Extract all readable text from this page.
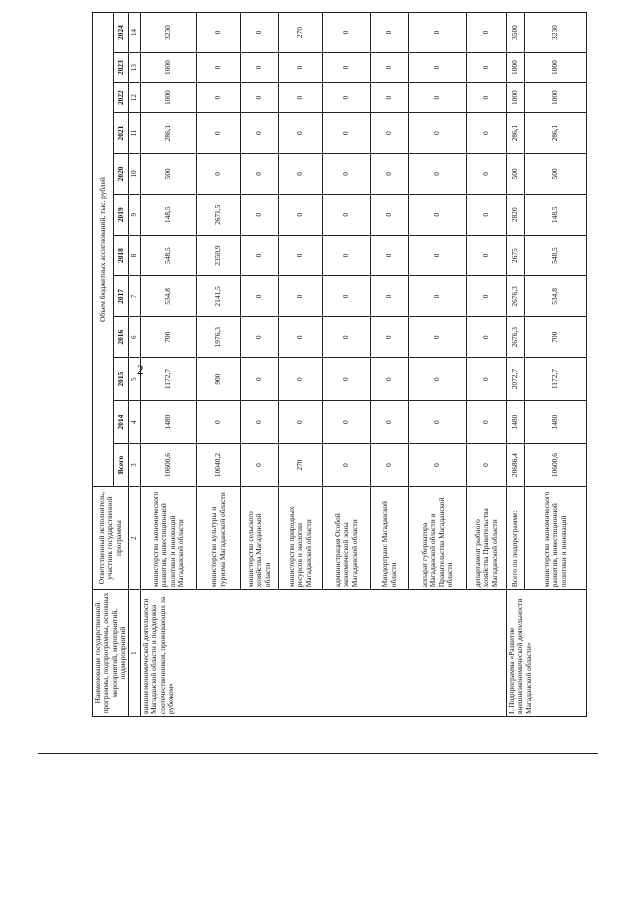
2
Наименование государственной программы, подпрограммы, основных мероприятий, мероприятий, подмероприятий	Ответственный исполнитель, участник государственной программы	Объем бюджетных ассигнований, тыс. рублей											
		Всего	2014	2015	2016	2017	2018	2019	2020	2021	2022	2023	2024
1	2	3	4	5	6	7	8	9	10	11	12	13	14
внешнеэкономической деятельности Магаданской области и поддержка соотечественников, проживающих за рубежом»	министерство экономического развития, инвестиционной политики и инноваций Магаданской области	10600,6	1480	1172,7	700	534,8	548,5	148,5	500	286,1	1000	1000	3230
	министерство культуры и туризма Магаданской области	10040,2	0	900	1976,3	2141,5	2350,9	2671,5	0	0	0	0	0
	министерство сельского хозяйства Магаданской области	0	0	0	0	0	0	0	0	0	0	0	0
	министерство природных ресурсов и экологии Магаданской области	270	0	0	0	0	0	0	0	0	0	0	270
	администрация Особой экономической зоны Магаданской области	0	0	0	0	0	0	0	0	0	0	0	0
	Миндортранс Магаданской области	0	0	0	0	0	0	0	0	0	0	0	0
	аппарат губернатора Магаданской области и Правительства Магаданской области	0	0	0	0	0	0	0	0	0	0	0	0
	департамент рыбного хозяйства Правительства Магаданской области	0	0	0	0	0	0	0	0	0	0	0	0
I. Подпрограмма «Развитие внешнеэкономической деятельности Магаданской области»	Всего по подпрограмме:	20686,4	1480	2072,7	2676,3	2676,3	2675	2820	500	286,1	1000	1000	3500
	министерство экономического развития, инвестиционной политики и инноваций	10600,6	1480	1172,7	700	534,8	548,5	148,5	500	286,1	1000	1000	3230
